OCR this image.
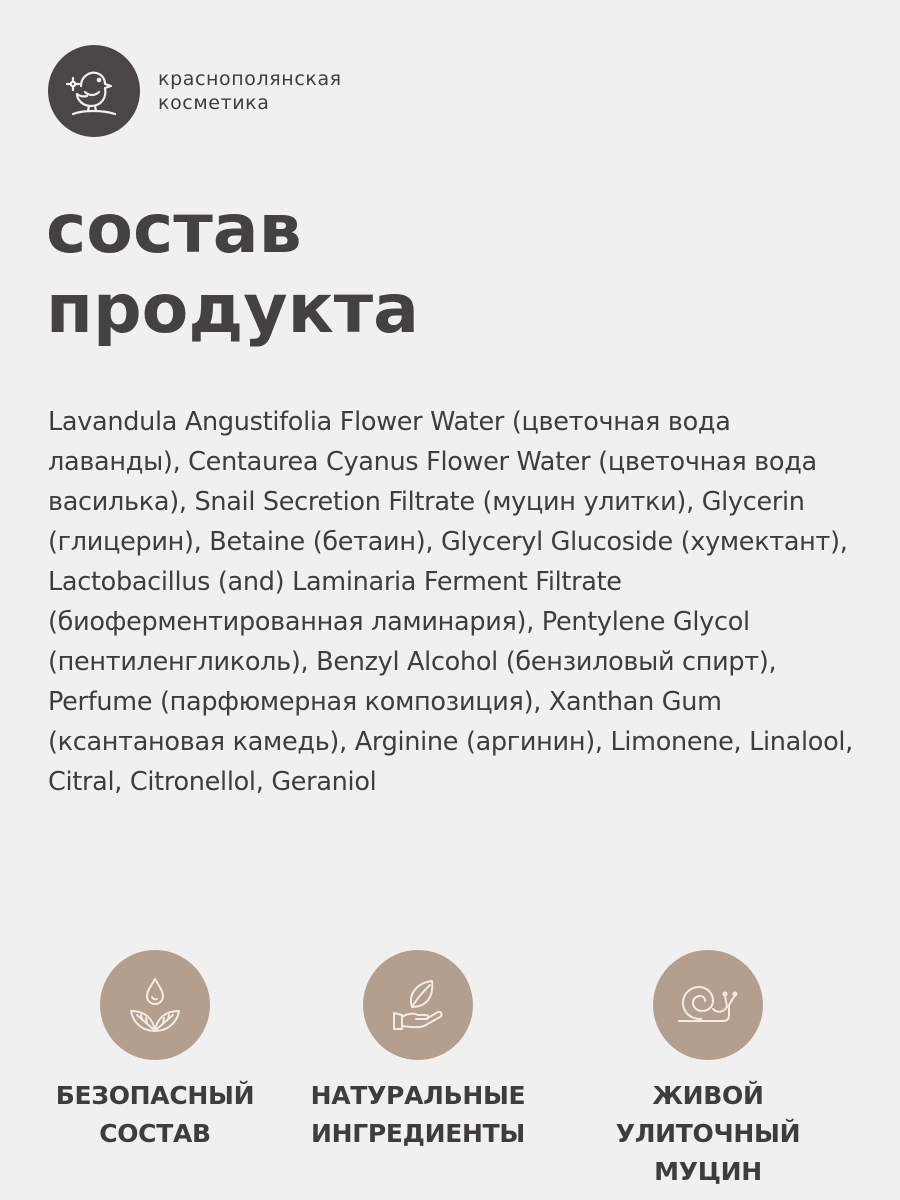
краснополянская
косметика
состав
продукта
Lavandula Angustifolia Flower Water (цветочная вода лаванды), Centaurea Cyanus Flower Water (цветочная вода василька), Snail Secretion Filtrate (муцин улитки), Glycerin (глицерин), Betaine (бетаин), Glyceryl Glucoside (хумектант), Lactobacillus (and) Laminaria Ferment Filtrate (биоферментированная ламинария), Pentylene Glycol (пентиленгликоль), Benzyl Alcohol (бензиловый спирт), Perfume (парфюмерная композиция), Xanthan Gum (ксантановая камедь), Arginine (аргинин), Limonene, Linalool, Citral, Citronellol, Geraniol
БЕЗОПАСНЫЙ
СОСТАВ
НАТУРАЛЬНЫЕ
ИНГРЕДИЕНТЫ
ЖИВОЙ
УЛИТОЧНЫЙ МУЦИН
